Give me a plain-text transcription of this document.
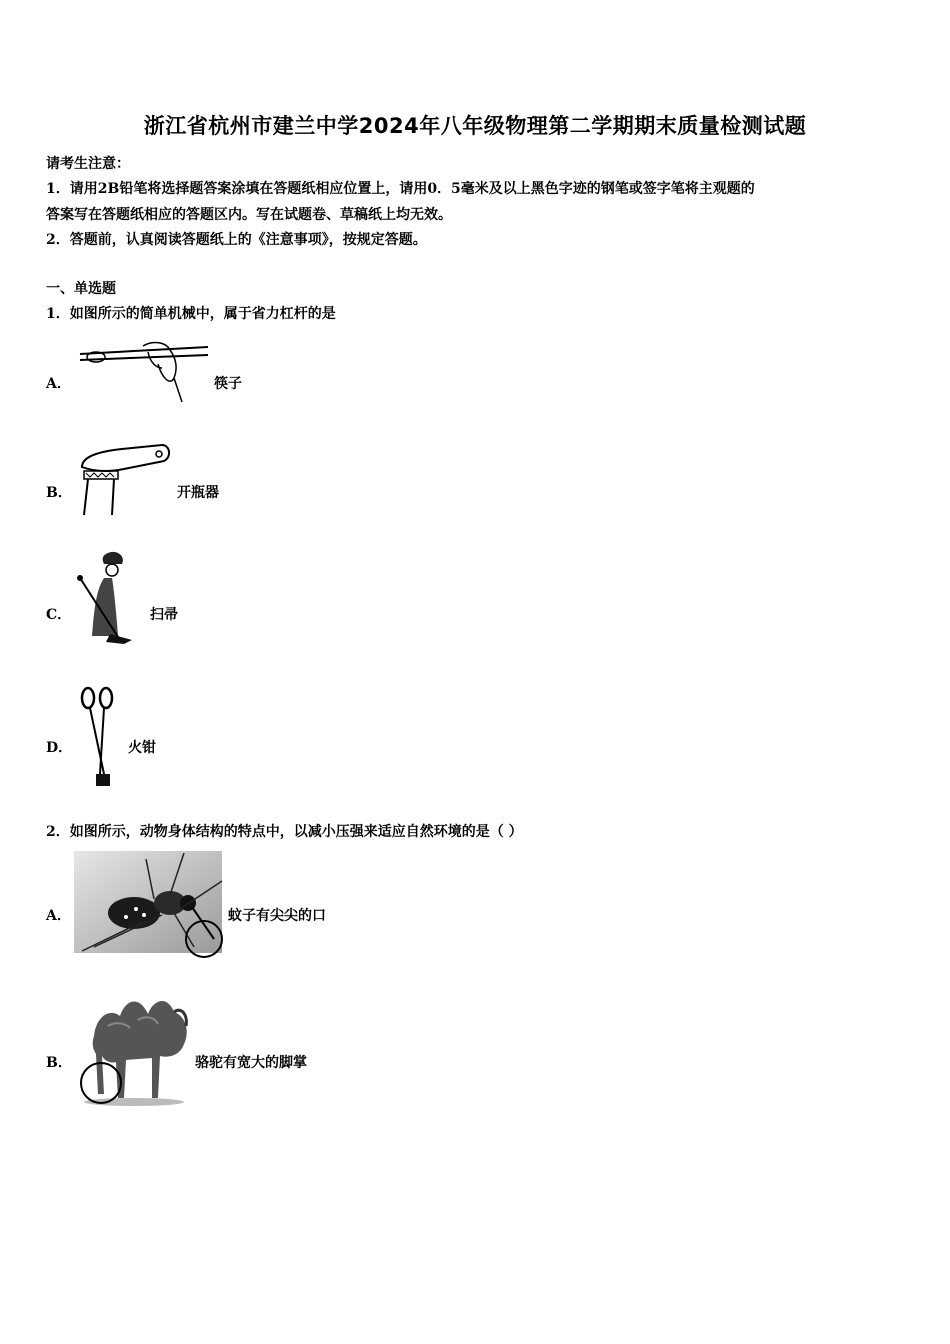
浙江省杭州市建兰中学2024年八年级物理第二学期期末质量检测试题
请考生注意：
1．请用2B铅笔将选择题答案涂填在答题纸相应位置上，请用0．5毫米及以上黑色字迹的钢笔或签字笔将主观题的
答案写在答题纸相应的答题区内。写在试题卷、草稿纸上均无效。
2．答题前，认真阅读答题纸上的《注意事项》，按规定答题。
一、单选题
1．如图所示的简单机械中，属于省力杠杆的是
A．	筷子
B．	开瓶器
C．	扫帚
D．	火钳
2．如图所示，动物身体结构的特点中，以减小压强来适应自然环境的是（ ）
A．	蚊子有尖尖的口
B．	骆驼有宽大的脚掌
